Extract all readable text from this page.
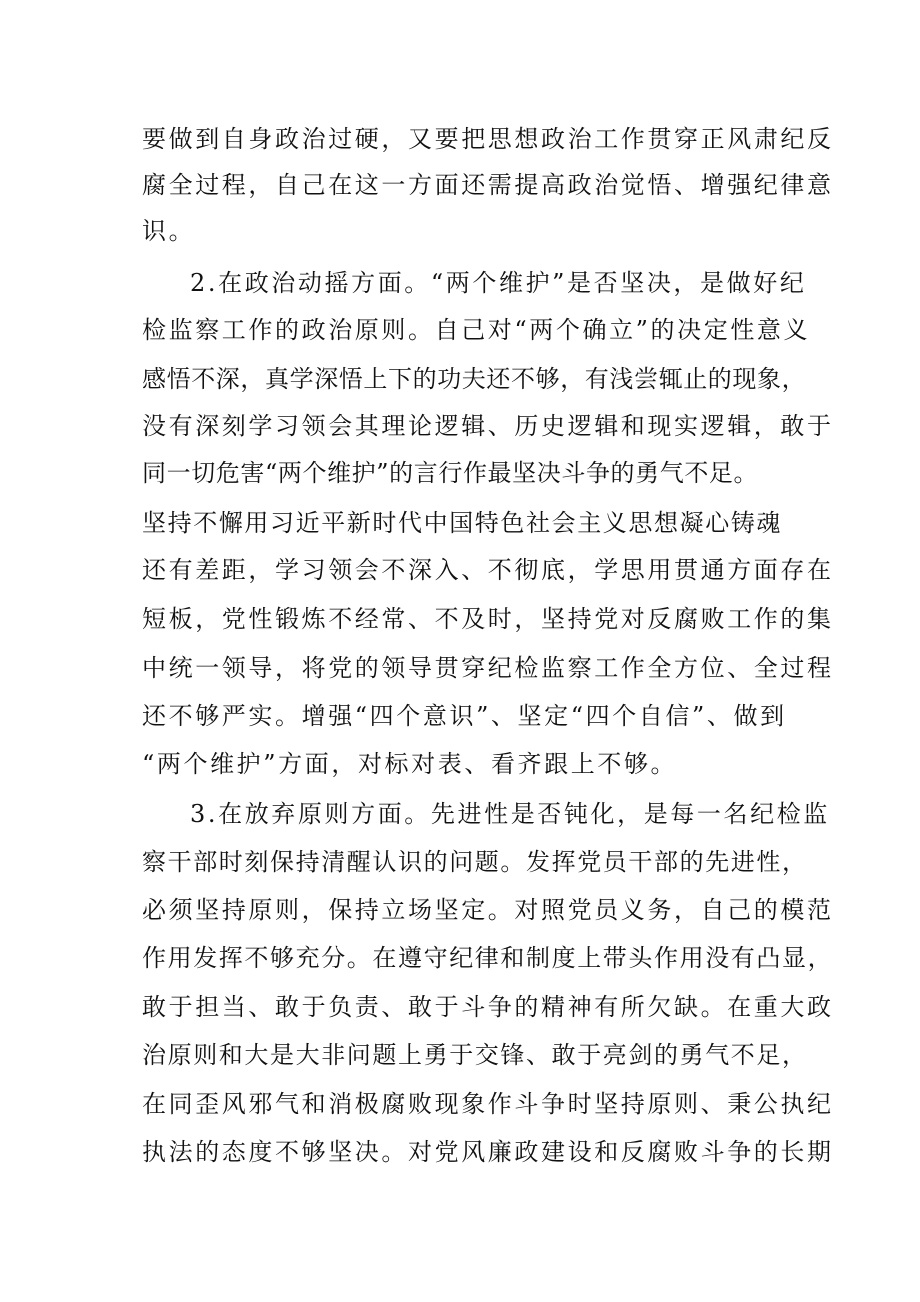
要做到自身政治过硬，又要把思想政治工作贯穿正风肃纪反
腐全过程，自己在这一方面还需提高政治觉悟、增强纪律意
识。
2.在政治动摇方面。“两个维护”是否坚决，是做好纪
检监察工作的政治原则。自己对“两个确立”的决定性意义
感悟不深，真学深悟上下的功夫还不够，有浅尝辄止的现象，
没有深刻学习领会其理论逻辑、历史逻辑和现实逻辑，敢于
同一切危害“两个维护”的言行作最坚决斗争的勇气不足。
坚持不懈用习近平新时代中国特色社会主义思想凝心铸魂
还有差距，学习领会不深入、不彻底，学思用贯通方面存在
短板，党性锻炼不经常、不及时，坚持党对反腐败工作的集
中统一领导，将党的领导贯穿纪检监察工作全方位、全过程
还不够严实。增强“四个意识”、坚定“四个自信”、做到
“两个维护”方面，对标对表、看齐跟上不够。
3.在放弃原则方面。先进性是否钝化，是每一名纪检监
察干部时刻保持清醒认识的问题。发挥党员干部的先进性，
必须坚持原则，保持立场坚定。对照党员义务，自己的模范
作用发挥不够充分。在遵守纪律和制度上带头作用没有凸显，
敢于担当、敢于负责、敢于斗争的精神有所欠缺。在重大政
治原则和大是大非问题上勇于交锋、敢于亮剑的勇气不足，
在同歪风邪气和消极腐败现象作斗争时坚持原则、秉公执纪
执法的态度不够坚决。对党风廉政建设和反腐败斗争的长期
